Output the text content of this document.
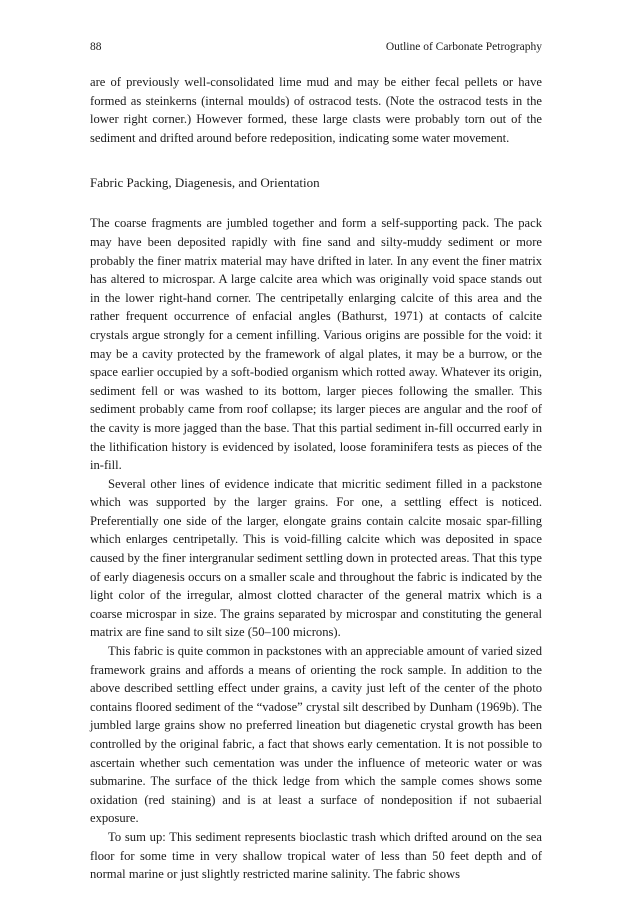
88	Outline of Carbonate Petrography

are of previously well-consolidated lime mud and may be either fecal pellets or have formed as steinkerns (internal moulds) of ostracod tests. (Note the ostracod tests in the lower right corner.) However formed, these large clasts were probably torn out of the sediment and drifted around before redeposition, indicating some water movement.

Fabric Packing, Diagenesis, and Orientation

The coarse fragments are jumbled together and form a self-supporting pack. The pack may have been deposited rapidly with fine sand and silty-muddy sediment or more probably the finer matrix material may have drifted in later. In any event the finer matrix has altered to microspar. A large calcite area which was originally void space stands out in the lower right-hand corner. The centripetally enlarging calcite of this area and the rather frequent occurrence of enfacial angles (Bathurst, 1971) at contacts of calcite crystals argue strongly for a cement infilling. Various origins are possible for the void: it may be a cavity protected by the framework of algal plates, it may be a burrow, or the space earlier occupied by a soft-bodied organism which rotted away. Whatever its origin, sediment fell or was washed to its bottom, larger pieces following the smaller. This sediment probably came from roof collapse; its larger pieces are angular and the roof of the cavity is more jagged than the base. That this partial sediment in-fill occurred early in the lithification history is evidenced by isolated, loose foraminifera tests as pieces of the in-fill.

Several other lines of evidence indicate that micritic sediment filled in a packstone which was supported by the larger grains. For one, a settling effect is noticed. Preferentially one side of the larger, elongate grains contain calcite mosaic spar-filling which enlarges centripetally. This is void-filling calcite which was deposited in space caused by the finer intergranular sediment settling down in protected areas. That this type of early diagenesis occurs on a smaller scale and throughout the fabric is indicated by the light color of the irregular, almost clotted character of the general matrix which is a coarse microspar in size. The grains separated by microspar and constituting the general matrix are fine sand to silt size (50–100 microns).

This fabric is quite common in packstones with an appreciable amount of varied sized framework grains and affords a means of orienting the rock sample. In addition to the above described settling effect under grains, a cavity just left of the center of the photo contains floored sediment of the “vadose” crystal silt described by Dunham (1969b). The jumbled large grains show no preferred lineation but diagenetic crystal growth has been controlled by the original fabric, a fact that shows early cementation. It is not possible to ascertain whether such cementation was under the influence of meteoric water or was submarine. The surface of the thick ledge from which the sample comes shows some oxidation (red staining) and is at least a surface of nondeposition if not subaerial exposure.

To sum up: This sediment represents bioclastic trash which drifted around on the sea floor for some time in very shallow tropical water of less than 50 feet depth and of normal marine or just slightly restricted marine salinity. The fabric shows
